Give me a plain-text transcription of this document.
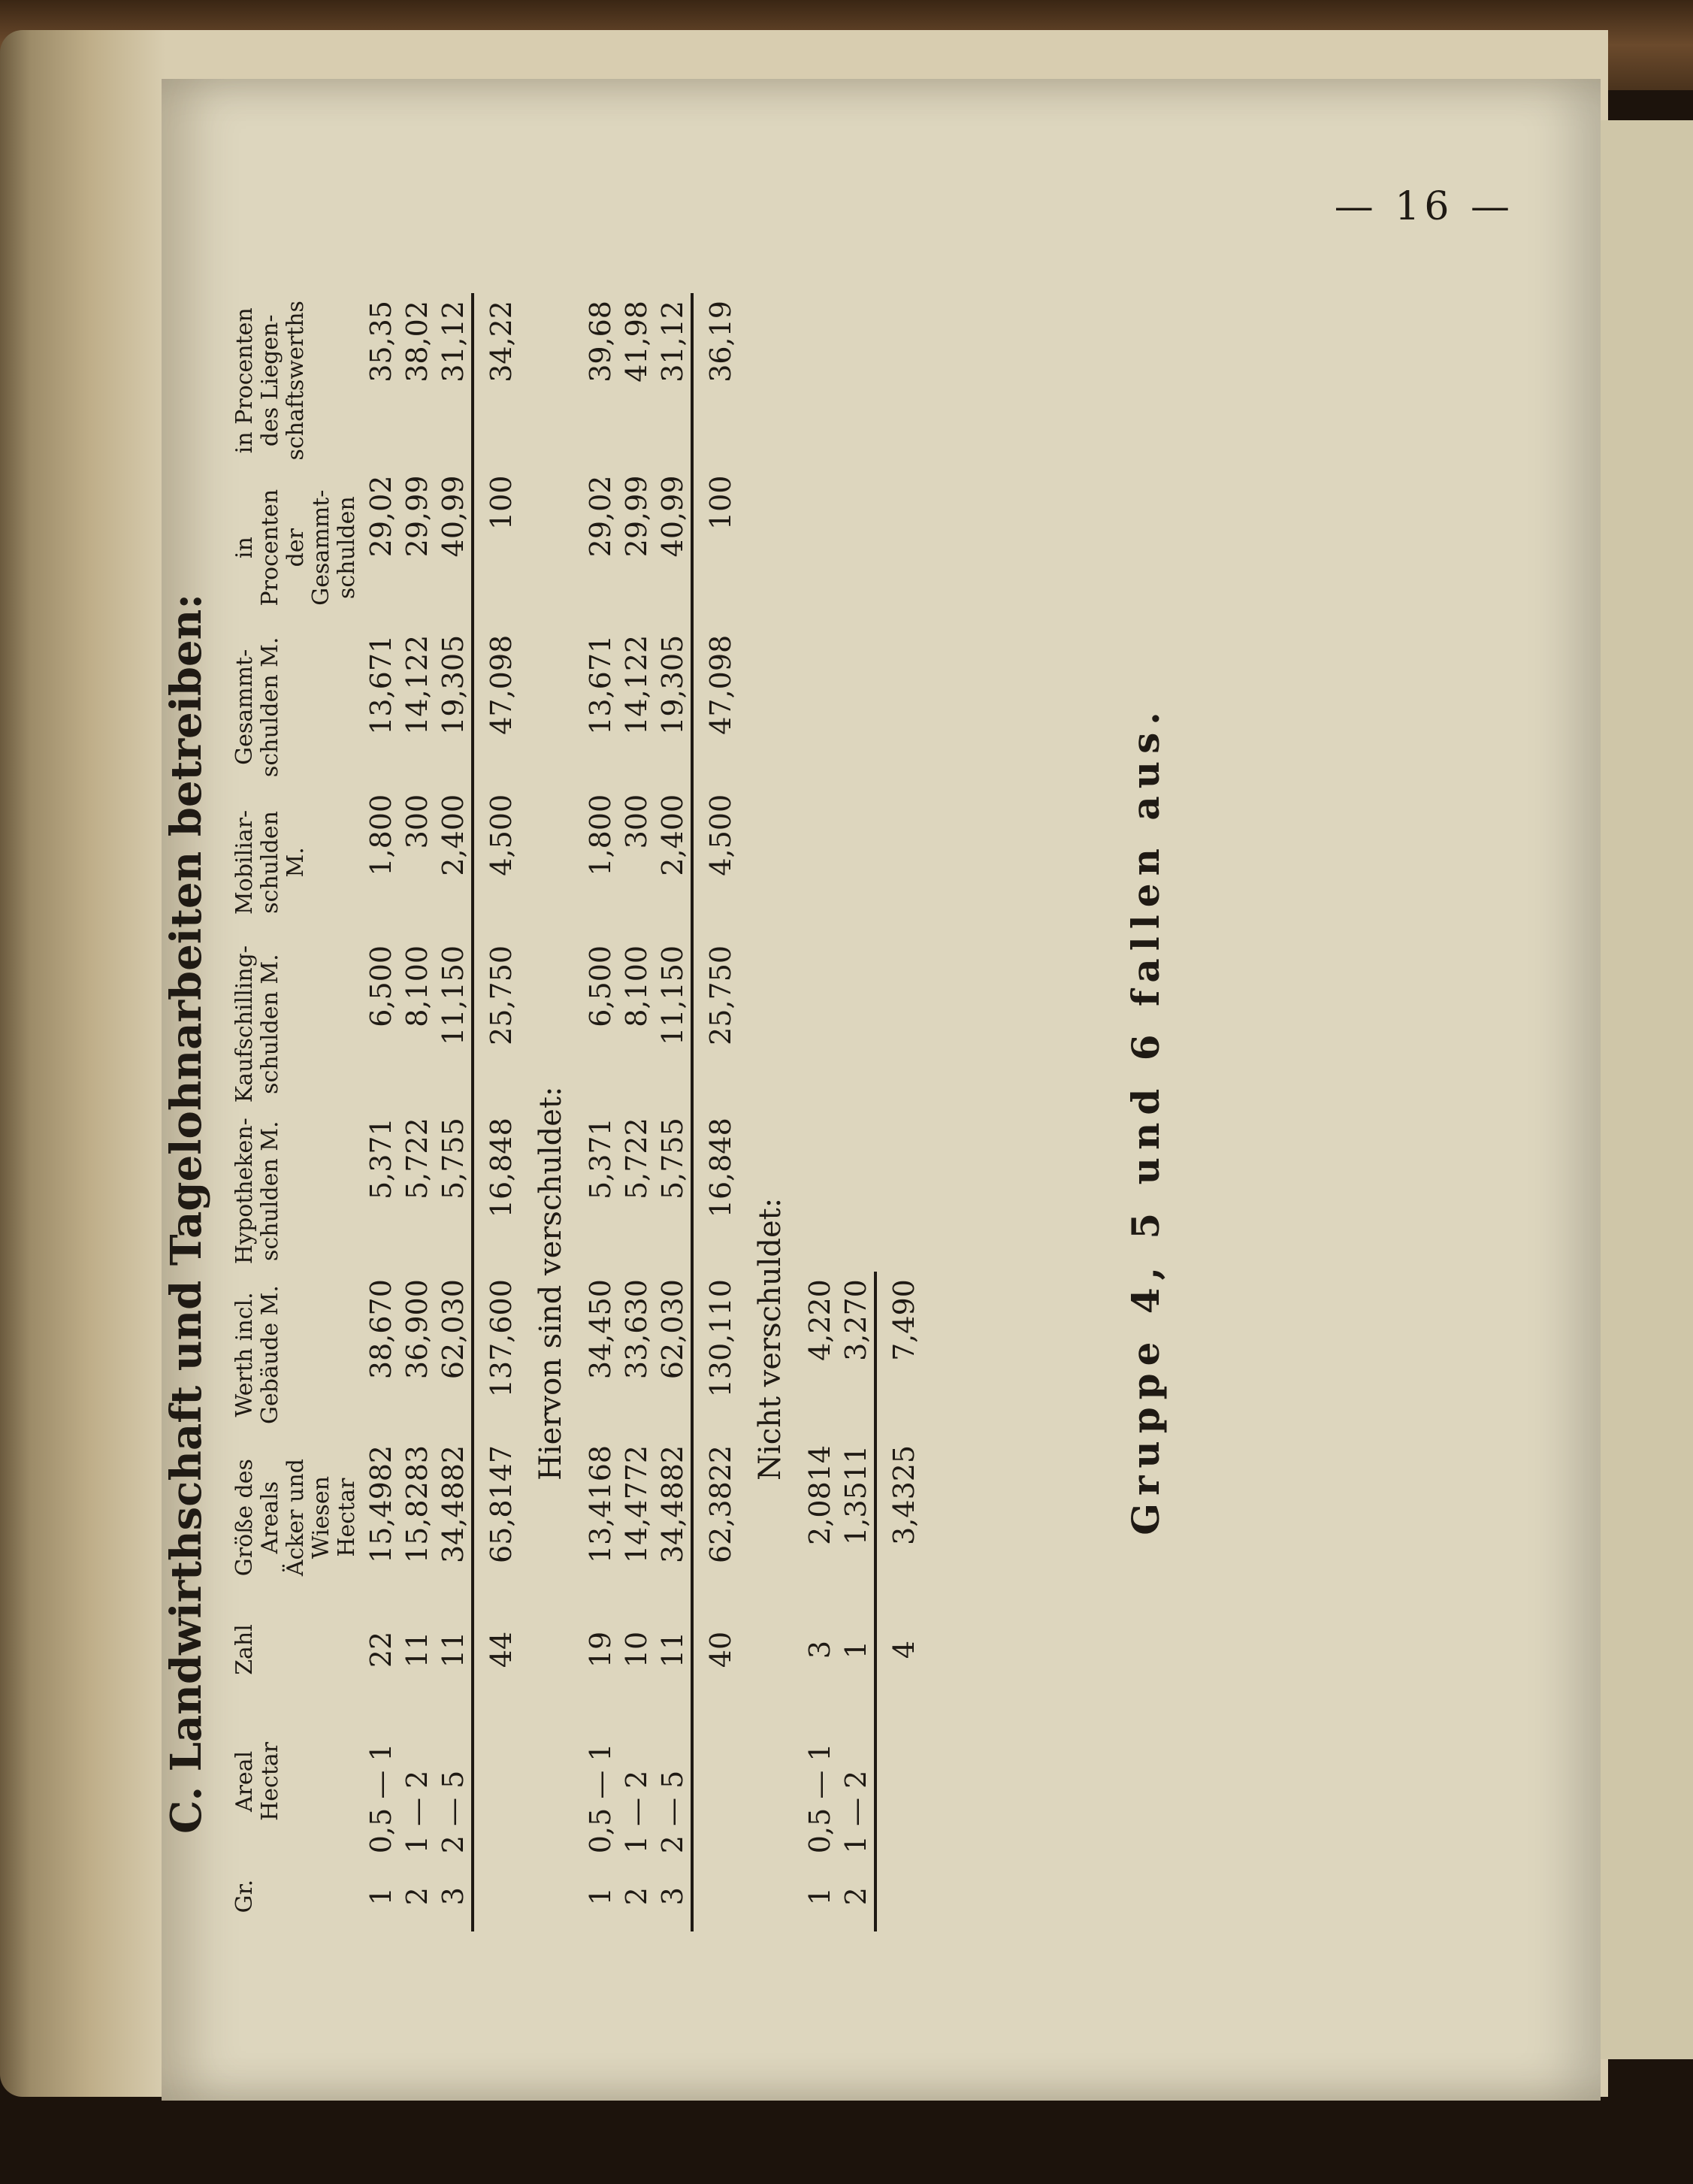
— 16 —
C. Landwirthschaft und Tagelohnarbeiten betreiben:
Gr.	Areal Hectar	Zahl	Größe des Areals Äcker und Wiesen Hectar	Werth incl. Gebäude M.	Hypotheken-schulden M.	Kaufschilling-schulden M.	Mobiliar-schulden M.	Gesammt-schulden M.	in Procenten der Gesammt-schulden	in Procenten des Liegen-schaftswerths
1	0,5 — 1	22	15,4982	38,670	5,371	6,500	1,800	13,671	29,02	35,35
2	1 — 2	11	15,8283	36,900	5,722	8,100	300	14,122	29,99	38,02
3	2 — 5	11	34,4882	62,030	5,755	11,150	2,400	19,305	40,99	31,12
		44	65,8147	137,600	16,848	25,750	4,500	47,098	100	34,22
Hiervon sind verschuldet:										
1	0,5 — 1	19	13,4168	34,450	5,371	6,500	1,800	13,671	29,02	39,68
2	1 — 2	10	14,4772	33,630	5,722	8,100	300	14,122	29,99	41,98
3	2 — 5	11	34,4882	62,030	5,755	11,150	2,400	19,305	40,99	31,12
		40	62,3822	130,110	16,848	25,750	4,500	47,098	100	36,19
Nicht verschuldet:										
1	0,5 — 1	3	2,0814	4,220						
2	1 — 2	1	1,3511	3,270						
		4	3,4325	7,490							Gruppe 4, 5 und 6 fallen aus.
